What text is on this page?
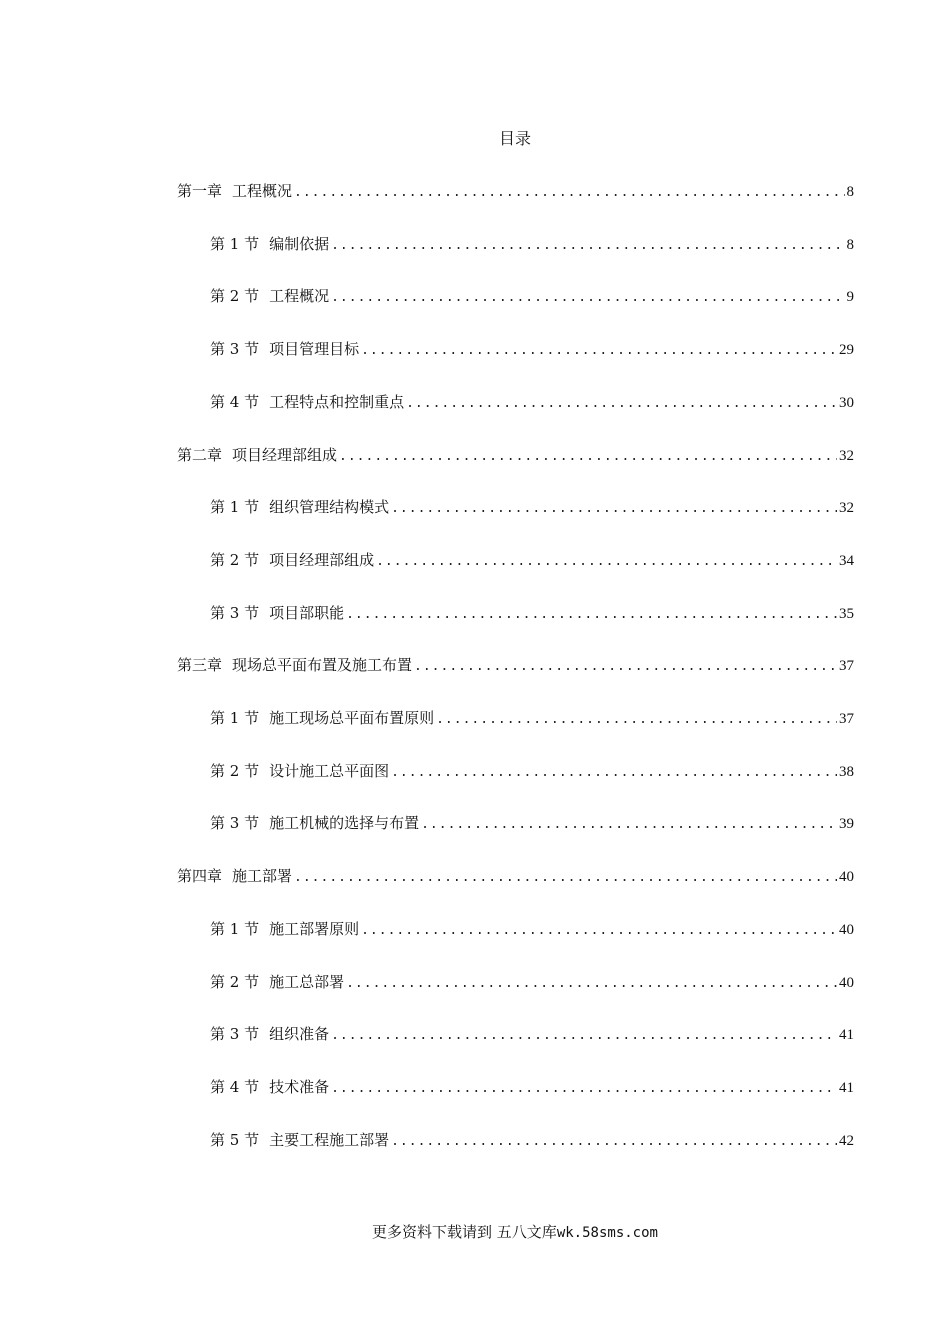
目录
第一章 工程概况 .....	8
第 1 节 编制依据 .....	8
第 2 节 工程概况 .....	9
第 3 节 项目管理目标 .....	29
第 4 节 工程特点和控制重点 .....	30
第二章 项目经理部组成 .....	32
第 1 节 组织管理结构模式 .....	32
第 2 节 项目经理部组成 .....	34
第 3 节 项目部职能 .....	35
第三章 现场总平面布置及施工布置 .....	37
第 1 节 施工现场总平面布置原则 .....	37
第 2 节 设计施工总平面图 .....	38
第 3 节 施工机械的选择与布置 .....	39
第四章 施工部署 .....	40
第 1 节 施工部署原则 .....	40
第 2 节 施工总部署 .....	40
第 3 节 组织准备 .....	41
第 4 节 技术准备 .....	41
第 5 节 主要工程施工部署 .....	42
更多资料下载请到 五八文库wk.58sms.com
